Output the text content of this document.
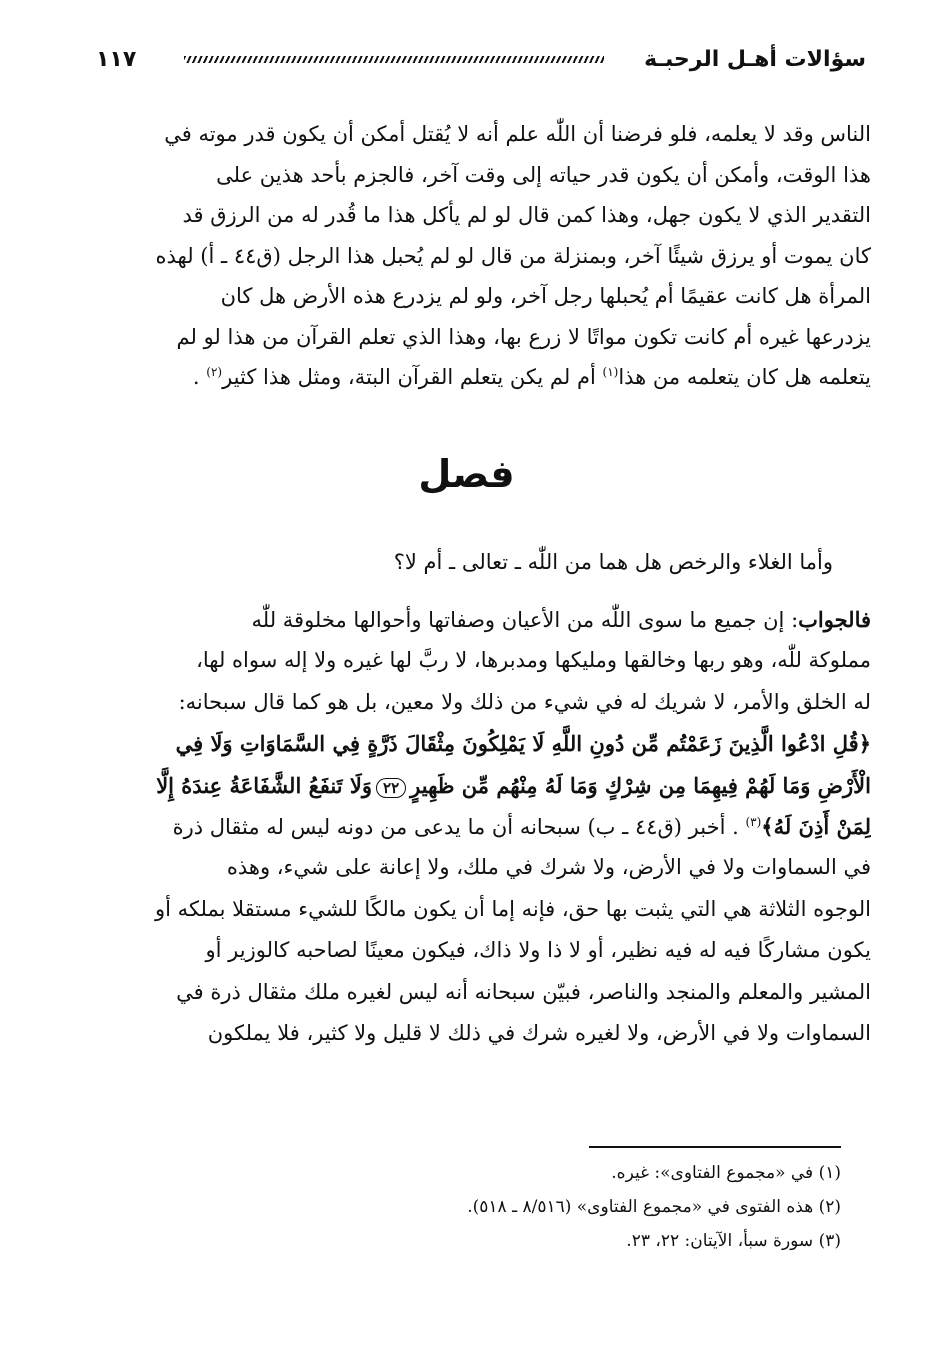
١١٧	سؤالات أهـل الرحبـة
الناس وقد لا يعلمه، فلو فرضنا أن اللّٰه علم أنه لا يُقتل أمكن أن يكون قدر موته في
هذا الوقت، وأمكن أن يكون قدر حياته إلى وقت آخر، فالجزم بأحد هذين على
التقدير الذي لا يكون جهل، وهذا كمن قال لو لم يأكل هذا ما قُدر له من الرزق قد
كان يموت أو يرزق شيئًا آخر، وبمنزلة من قال لو لم يُحبل هذا الرجل (ق٤٤ ـ أ) لهذه
المرأة هل كانت عقيمًا أم يُحبلها رجل آخر، ولو لم يزدرع هذه الأرض هل كان
يزدرعها غيره أم كانت تكون مواتًا لا زرع بها، وهذا الذي تعلم القرآن من هذا لو لم
يتعلمه هل كان يتعلمه من هذا$^{(١)}$ أم لم يكن يتعلم القرآن البتة، ومثل هذا كثير$^{(٢)}$ .
فصل
وأما الغلاء والرخص هل هما من اللّٰه ـ تعالى ـ أم لا؟
فالجواب: إن جميع ما سوى اللّٰه من الأعيان وصفاتها وأحوالها مخلوقة للّٰه
مملوكة للّٰه، وهو ربها وخالقها ومليكها ومدبرها، لا ربَّ لها غيره ولا إله سواه لها،
له الخلق والأمر، لا شريك له في شيء من ذلك ولا معين، بل هو كما قال سبحانه:
﴿قُلِ ادْعُوا الَّذِينَ زَعَمْتُم مِّن دُونِ اللَّهِ لَا يَمْلِكُونَ مِثْقَالَ ذَرَّةٍ فِي السَّمَاوَاتِ وَلَا فِي
الْأَرْضِ وَمَا لَهُمْ فِيهِمَا مِن شِرْكٍ وَمَا لَهُ مِنْهُم مِّن ظَهِيرٍ٢٢وَلَا تَنفَعُ الشَّفَاعَةُ عِندَهُ إِلَّا
لِمَنْ أَذِنَ لَهُ﴾$^{(٣)}$ . أخبر (ق٤٤ ـ ب) سبحانه أن ما يدعى من دونه ليس له مثقال ذرة
في السماوات ولا في الأرض، ولا شرك في ملك، ولا إعانة على شيء، وهذه
الوجوه الثلاثة هي التي يثبت بها حق، فإنه إما أن يكون مالكًا للشيء مستقلا بملكه أو
يكون مشاركًا فيه له فيه نظير، أو لا ذا ولا ذاك، فيكون معينًا لصاحبه كالوزير أو
المشير والمعلم والمنجد والناصر، فبيّن سبحانه أنه ليس لغيره ملك مثقال ذرة في
السماوات ولا في الأرض، ولا لغيره شرك في ذلك لا قليل ولا كثير، فلا يملكون
(١) في «مجموع الفتاوى»: غيره.
(٢) هذه الفتوى في «مجموع الفتاوى» (٨/٥١٦ ـ ٥١٨).
(٣) سورة سبأ، الآيتان: ٢٢، ٢٣.
